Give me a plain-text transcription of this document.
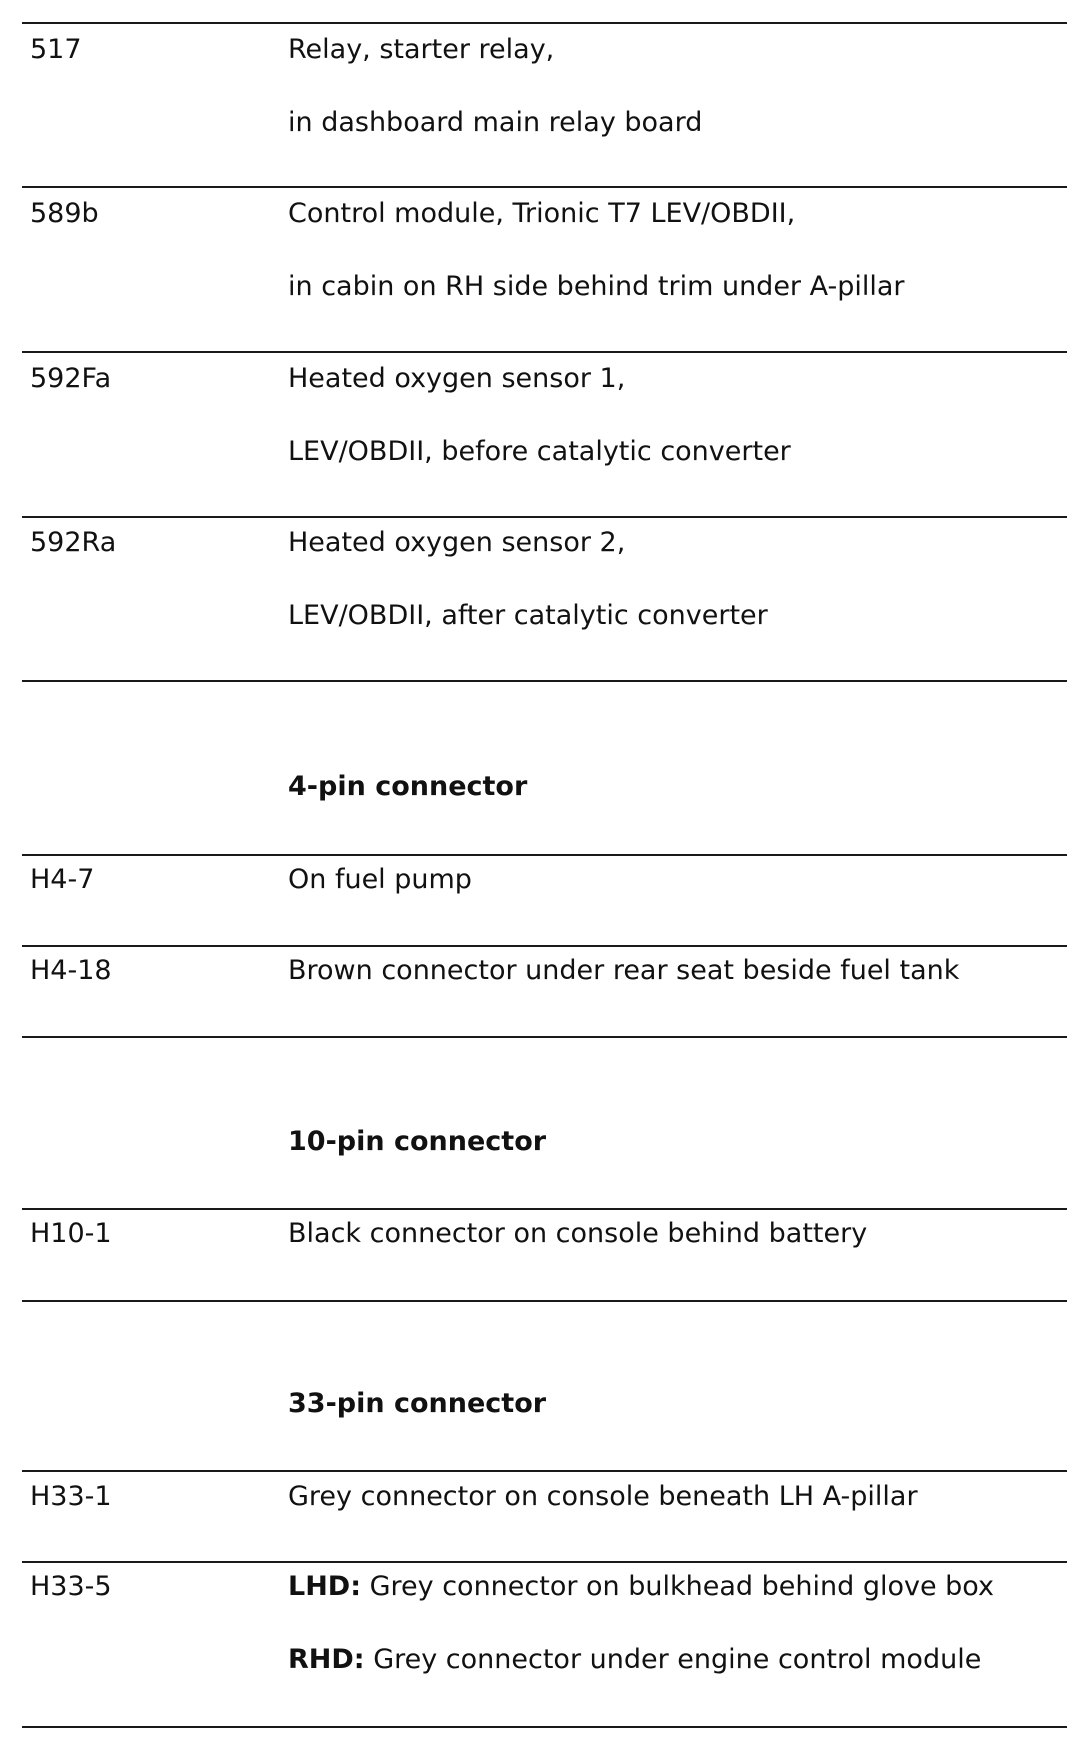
517	Relay, starter relay,
in dashboard main relay board
589b	Control module, Trionic T7 LEV/OBDII,
in cabin on RH side behind trim under A-pillar
592Fa	Heated oxygen sensor 1,
LEV/OBDII, before catalytic converter
592Ra	Heated oxygen sensor 2,
LEV/OBDII, after catalytic converter
4-pin connector
H4-7	On fuel pump
H4-18	Brown connector under rear seat beside fuel tank
10-pin connector
H10-1	Black connector on console behind battery
33-pin connector
H33-1	Grey connector on console beneath LH A-pillar
H33-5	LHD: Grey connector on bulkhead behind glove box
RHD: Grey connector under engine control module
